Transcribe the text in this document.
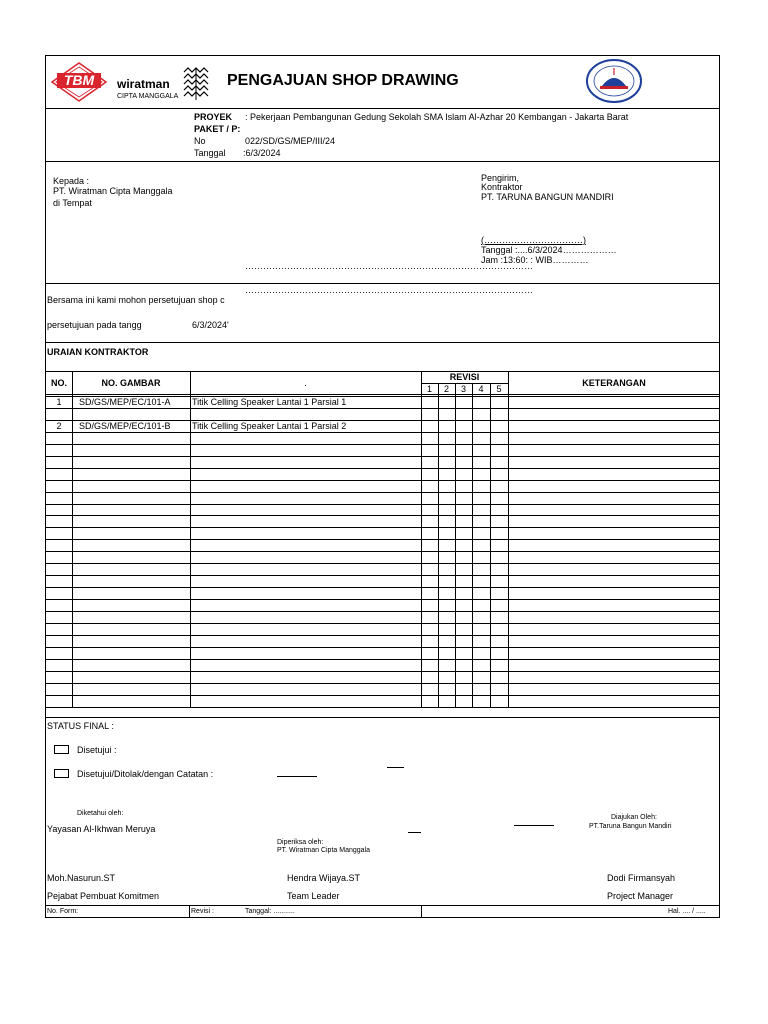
TBM	wiratman
CIPTA MANGGALA
PENGAJUAN SHOP DRAWING
PROYEK : Pekerjaan Pembangunan Gedung Sekolah SMA Islam Al-Azhar 20 Kembangan - Jakarta Barat
PAKET / P:
No	022/SD/GS/MEP/III/24
Tanggal :6/3/2024
Kepada :
PT. Wiratman Cipta Manggala
di Tempat
Pengirim,
Kontraktor
PT. TARUNA BANGUN MANDIRI
(……………………………)
Tanggal :....6/3/2024………………
Jam :13:60: : WIB…………
……………………………………………………………………………………
……………………………………………………………………………………
Bersama ini kami mohon persetujuan shop c
persetujuan pada tangg	6/3/2024'
URAIAN KONTRAKTOR
NO.	NO. GAMBAR	.
REVISI
KETERANGAN
1	2	3	4	5
1	SD/GS/MEP/EC/101-A Titik Celling Speaker Lantai 1 Parsial 1
2	SD/GS/MEP/EC/101-B Titik Celling Speaker Lantai 1 Parsial 2
STATUS FINAL :
Disetujui :
Disetujui/Ditolak/dengan Catatan :
Diketahui oleh:
Yayasan Al-Ikhwan Meruya
Diajukan Oleh:
PT.Taruna Bangun Mandiri
Diperiksa oleh:
PT. Wiratman Cipta Manggala
Moh.Nasurun.ST	Hendra Wijaya.ST	Dodi Firmansyah
Pejabat Pembuat Komitmen	Team Leader	Project Manager
No. Form:	Revisi :	Tanggal: ...........	Hal. .... / .....
